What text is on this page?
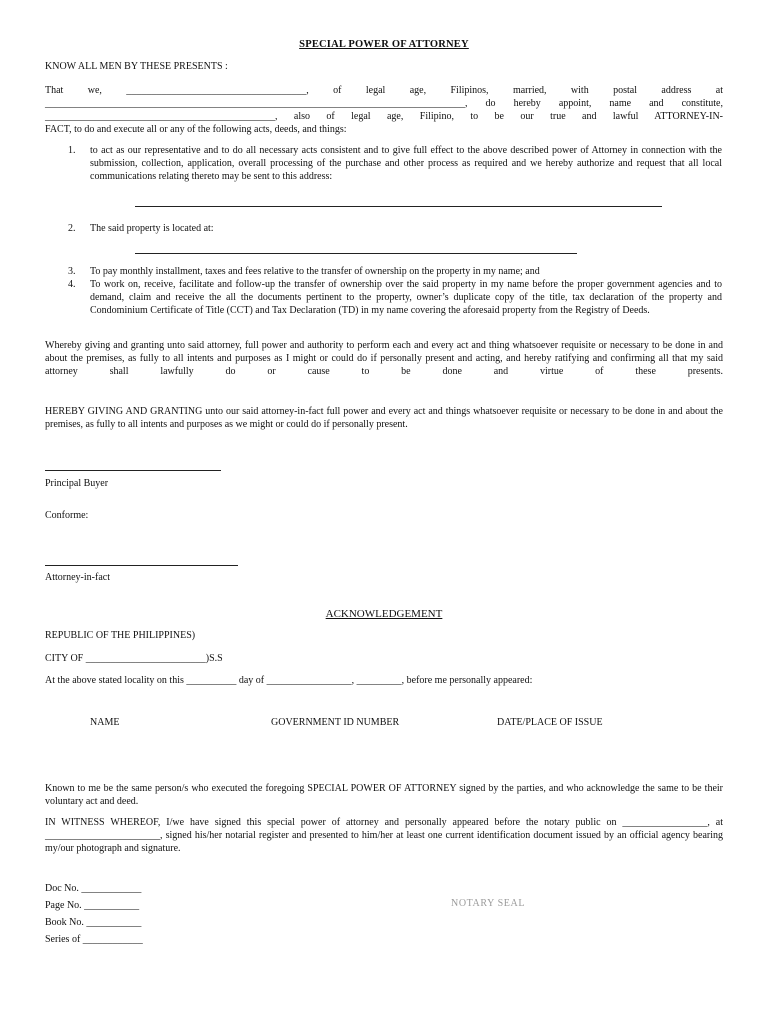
SPECIAL POWER OF ATTORNEY
KNOW ALL MEN BY THESE PRESENTS :
That we, ____________________________________, of legal age, Filipinos, married, with postal address at
____________________________________________________________________________________, do hereby appoint, name and constitute,
______________________________________________, also of legal age, Filipino, to be our true and lawful ATTORNEY-IN-
FACT, to do and execute all or any of the following acts, deeds, and things:
1. to act as our representative and to do all necessary acts consistent and to give full effect to the above described power of Attorney in connection with the submission, collection, application, overall processing of the purchase and other process as required and we hereby authorize and request that all local communications relating thereto may be sent to this address:
2. The said property is located at:
3. To pay monthly installment, taxes and fees relative to the transfer of ownership on the property in my name; and
4. To work on, receive, facilitate and follow-up the transfer of ownership over the said property in my name before the proper government agencies and to demand, claim and receive the all the documents pertinent to the property, owner’s duplicate copy of the title, tax declaration of the property and Condominium Certificate of Title (CCT) and Tax Declaration (TD) in my name covering the aforesaid property from the Registry of Deeds.
Whereby giving and granting unto said attorney, full power and authority to perform each and every act and thing whatsoever requisite or necessary to be done in and about the premises, as fully to all intents and purposes as I might or could do if personally present and acting, and hereby ratifying and confirming all that my said attorney shall lawfully do or cause to be done and virtue of these presents.
HEREBY GIVING AND GRANTING unto our said attorney-in-fact full power and every act and things whatsoever requisite or necessary to be done in and about the premises, as fully to all intents and purposes as we might or could do if personally present.
Principal Buyer
Conforme:
Attorney-in-fact
ACKNOWLEDGEMENT
REPUBLIC OF THE PHILIPPINES)
CITY OF ________________________)S.S
At the above stated locality on this __________ day of _________________, _________, before me personally appeared:
NAME	GOVERNMENT ID NUMBER	DATE/PLACE OF ISSUE
Known to me be the same person/s who executed the foregoing SPECIAL POWER OF ATTORNEY signed by the parties, and who acknowledge the same to be their voluntary act and deed.
IN WITNESS WHEREOF, I/we have signed this special power of attorney and personally appeared before the notary public on _________________, at _______________________, signed his/her notarial register and presented to him/her at least one current identification document issued by an official agency bearing my/our photograph and signature.
Doc No. ____________
Page No. ___________
Book No. ___________
Series of ____________
NOTARY SEAL
